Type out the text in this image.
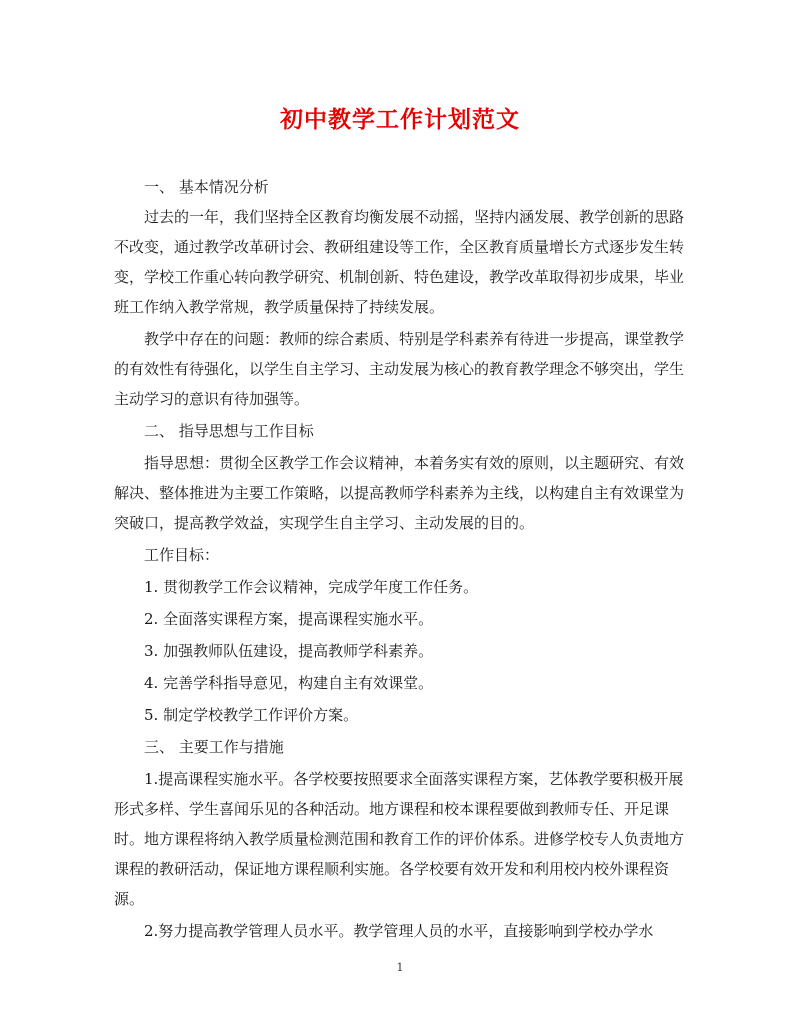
初中教学工作计划范文

一、 基本情况分析

过去的一年，我们坚持全区教育均衡发展不动摇，坚持内涵发展、教学创新的思路不改变，通过教学改革研讨会、教研组建设等工作，全区教育质量增长方式逐步发生转变，学校工作重心转向教学研究、机制创新、特色建设，教学改革取得初步成果，毕业班工作纳入教学常规，教学质量保持了持续发展。

教学中存在的问题：教师的综合素质、特别是学科素养有待进一步提高，课堂教学的有效性有待强化，以学生自主学习、主动发展为核心的教育教学理念不够突出，学生主动学习的意识有待加强等。

二、 指导思想与工作目标

指导思想：贯彻全区教学工作会议精神，本着务实有效的原则，以主题研究、有效解决、整体推进为主要工作策略，以提高教师学科素养为主线，以构建自主有效课堂为突破口，提高教学效益，实现学生自主学习、主动发展的目的。

工作目标：

1. 贯彻教学工作会议精神，完成学年度工作任务。

2. 全面落实课程方案，提高课程实施水平。

3. 加强教师队伍建设，提高教师学科素养。

4. 完善学科指导意见，构建自主有效课堂。

5. 制定学校教学工作评价方案。

三、 主要工作与措施

1.提高课程实施水平。各学校要按照要求全面落实课程方案，艺体教学要积极开展形式多样、学生喜闻乐见的各种活动。地方课程和校本课程要做到教师专任、开足课时。地方课程将纳入教学质量检测范围和教育工作的评价体系。进修学校专人负责地方课程的教研活动，保证地方课程顺利实施。各学校要有效开发和利用校内校外课程资源。

2.努力提高教学管理人员水平。教学管理人员的水平，直接影响到学校办学水

1
